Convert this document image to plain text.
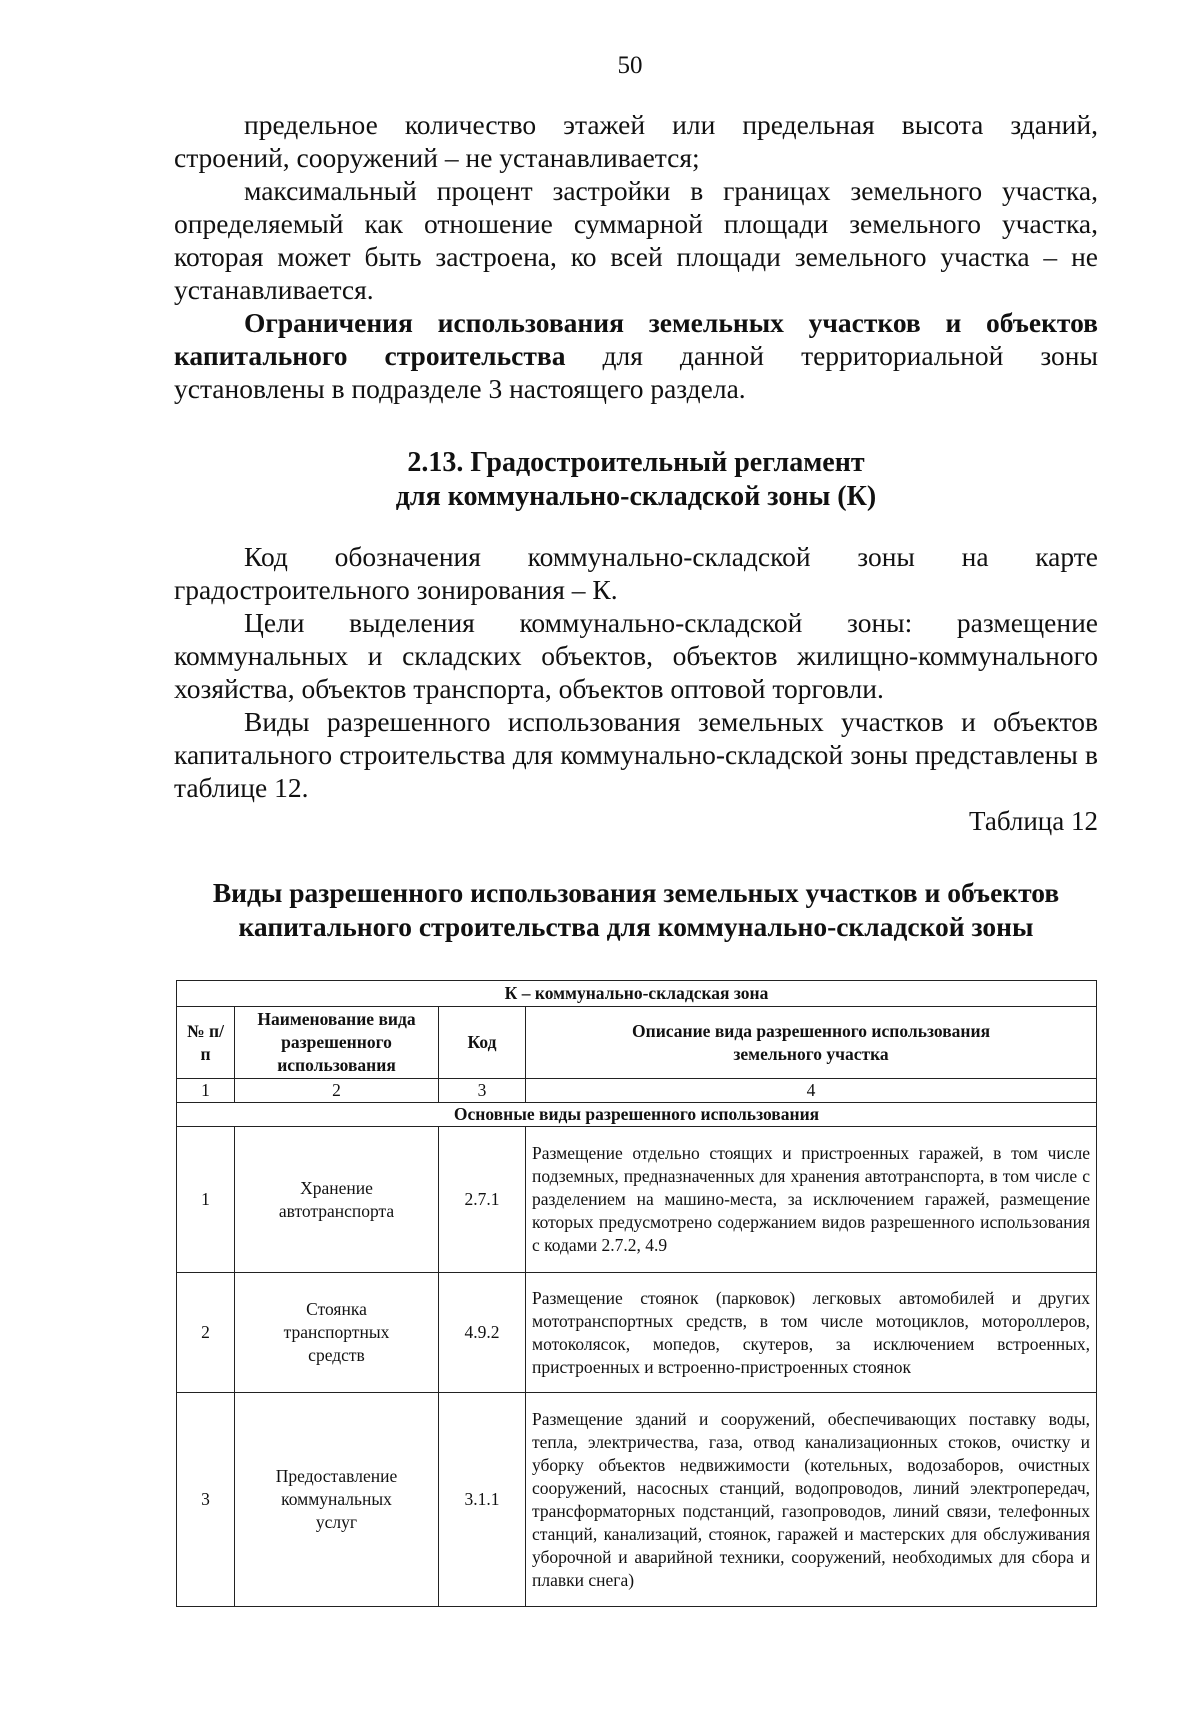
50

предельное количество этажей или предельная высота зданий, строений, сооружений – не устанавливается;

максимальный процент застройки в границах земельного участка, определяемый как отношение суммарной площади земельного участка, которая может быть застроена, ко всей площади земельного участка – не устанавливается.

Ограничения использования земельных участков и объектов капитального строительства для данной территориальной зоны установлены в подразделе 3 настоящего раздела.

2.13. Градостроительный регламент
для коммунально-складской зоны (К)

Код обозначения коммунально-складской зоны на карте градостроительного зонирования – К.

Цели выделения коммунально-складской зоны: размещение коммунальных и складских объектов, объектов жилищно-коммунального хозяйства, объектов транспорта, объектов оптовой торговли.

Виды разрешенного использования земельных участков и объектов капитального строительства для коммунально-складской зоны представлены в таблице 12.

Таблица 12
Виды разрешенного использования земельных участков и объектов
капитального строительства для коммунально-складской зоны
К – коммунально-складская зона			
№ п/п	Наименование вида разрешенного использования	Код	Описание вида разрешенного использования земельного участка
1	2	3	4
Основные виды разрешенного использования			
1	Хранение автотранспорта	2.7.1	Размещение отдельно стоящих и пристроенных гаражей, в том числе подземных, предназначенных для хранения автотранспорта, в том числе с разделением на машино-места, за исключением гаражей, размещение которых предусмотрено содержанием видов разрешенного использования с кодами 2.7.2, 4.9
2	Стоянка транспортных средств	4.9.2	Размещение стоянок (парковок) легковых автомобилей и других мототранспортных средств, в том числе мотоциклов, мотороллеров, мотоколясок, мопедов, скутеров, за исключением встроенных, пристроенных и встроенно-пристроенных стоянок
3	Предоставление коммунальных услуг	3.1.1	Размещение зданий и сооружений, обеспечивающих поставку воды, тепла, электричества, газа, отвод канализационных стоков, очистку и уборку объектов недвижимости (котельных, водозаборов, очистных сооружений, насосных станций, водопроводов, линий электропередач, трансформаторных подстанций, газопроводов, линий связи, телефонных станций, канализаций, стоянок, гаражей и мастерских для обслуживания уборочной и аварийной техники, сооружений, необходимых для сбора и плавки снега)
